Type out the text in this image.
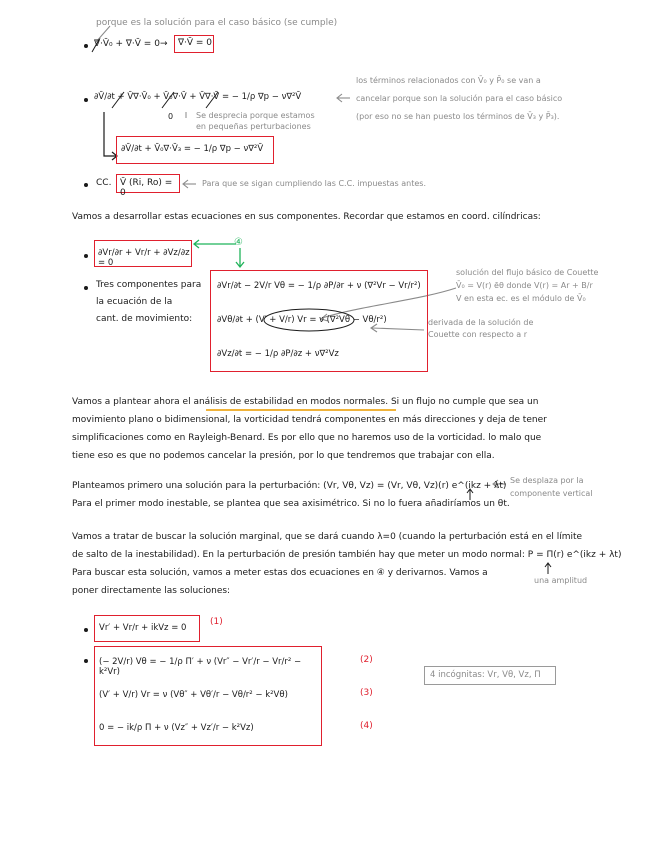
porque es la solución para el caso básico (se cumple)
∇·V̄₀ + ∇·V̄ = 0 → ∇·V̄ = 0
∂V̄/∂t + V̄∇·V̄₀ + V̄₀∇·V̄ + V̄∇·V̄ = − 1/ρ ∇p − ν∇²V̄
0	Se desprecia porque estamos en pequeñas perturbaciones
los términos relacionados con V̄₀ y P̄₀ se van a
cancelar porque son la solución para el caso básico
(por eso no se han puesto los términos de V̄₃ y P̄₃).
∂V̄/∂t + V̄₀∇·V̄₃ = − 1/ρ ∇p − ν∇²V̄
CC. V̄ (Ri, Ro) = 0
Para que se sigan cumpliendo las C.C. impuestas antes.
Vamos a desarrollar estas ecuaciones en sus componentes. Recordar que estamos en coord. cilíndricas:
∂Vr/∂r + Vr/r + ∂Vz/∂z = 0
④
Tres componentes para
la ecuación de la
cant. de movimiento:
∂Vr/∂t − 2V/r Vθ = − 1/ρ ∂P/∂r + ν (∇²Vr − Vr/r²)
∂Vθ/∂t + (V′ + V/r) Vr = ν (∇²Vθ − Vθ/r²)
∂Vz/∂t = − 1/ρ ∂P/∂z + ν∇²Vz
solución del flujo básico de Couette
V̄₀ = V(r) ēθ donde V(r) = Ar + B/r
V en esta ec. es el módulo de V̄₀
derivada de la solución de
Couette con respecto a r
Vamos a plantear ahora el análisis de estabilidad en modos normales. Si un flujo no cumple que sea un
movimiento plano o bidimensional, la vorticidad tendrá componentes en más direcciones y deja de tener
simplificaciones como en Rayleigh-Benard. Es por ello que no haremos uso de la vorticidad. lo malo que
tiene eso es que no podemos cancelar la presión, por lo que tendremos que trabajar con ella.
Planteamos primero una solución para la perturbación: (Vr, Vθ, Vz) = (Vr, Vθ, Vz)(r) e^(ikz + λt)
Para el primer modo inestable, se plantea que sea axisimétrico. Si no lo fuera añadiríamos un θt.
Se desplaza por la
componente vertical
Vamos a tratar de buscar la solución marginal, que se dará cuando λ=0 (cuando la perturbación está en el límite
de salto de la inestabilidad). En la perturbación de presión también hay que meter un modo normal: P = Π(r) e^(ikz + λt)
Para buscar esta solución, vamos a meter estas dos ecuaciones en ④ y derivarnos. Vamos a
poner directamente las soluciones:
una amplitud
Vr′ + Vr/r + ikVz = 0
(1)
(− 2V/r) Vθ = − 1/ρ Π′ + ν (Vr″ − Vr′/r − Vr/r² − k²Vr)
(V′ + V/r) Vr = ν (Vθ″ + Vθ′/r − Vθ/r² − k²Vθ)
0 = − ik/ρ Π + ν (Vz″ + Vz′/r − k²Vz)
(2)
(3)
(4)
4 incógnitas: Vr, Vθ, Vz, Π
